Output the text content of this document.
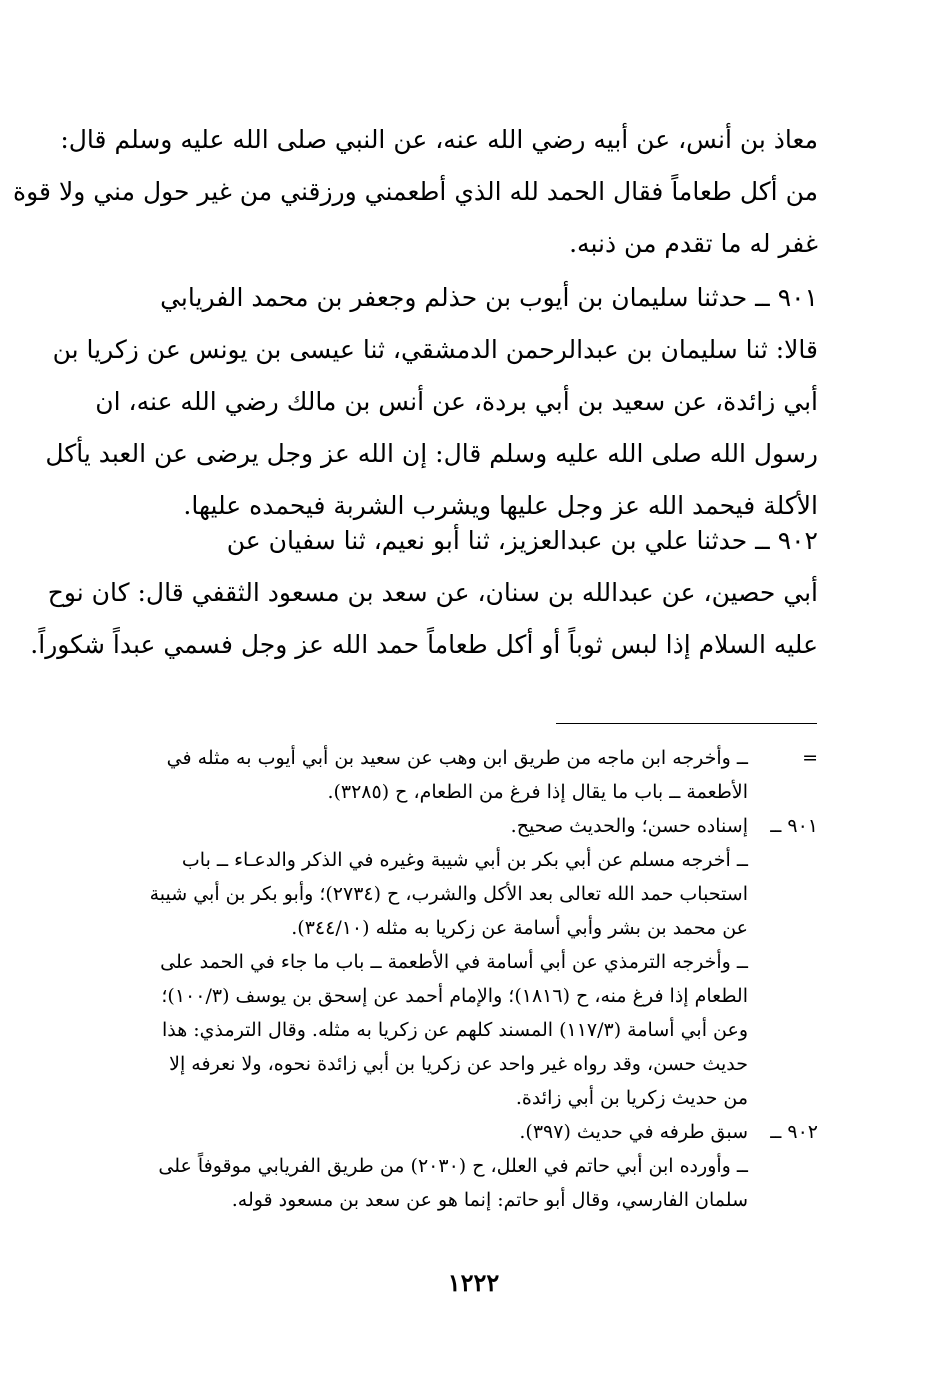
معاذ بن أنس، عن أبيه رضي الله عنه، عن النبي صلى الله عليه وسلم قال:
من أكل طعاماً فقال الحمد لله الذي أطعمني ورزقني من غير حول مني ولا قوة
غفر له ما تقدم من ذنبه.
٩٠١ ــ حدثنا سليمان بن أيوب بن حذلم وجعفر بن محمد الفريابي
قالا: ثنا سليمان بن عبدالرحمن الدمشقي، ثنا عيسى بن يونس عن زكريا بن
أبي زائدة، عن سعيد بن أبي بردة، عن أنس بن مالك رضي الله عنه، ان
رسول الله صلى الله عليه وسلم قال: إن الله عز وجل يرضى عن العبد يأكل
الأكلة فيحمد الله عز وجل عليها ويشرب الشربة فيحمده عليها.
٩٠٢ ــ حدثنا علي بن عبدالعزيز، ثنا أبو نعيم، ثنا سفيان عن
أبي حصين، عن عبدالله بن سنان، عن سعد بن مسعود الثقفي قال: كان نوح
عليه السلام إذا لبس ثوباً أو أكل طعاماً حمد الله عز وجل فسمي عبداً شكوراً.
=
ــ وأخرجه ابن ماجه من طريق ابن وهب عن سعيد بن أبي أيوب به مثله في
الأطعمة ــ باب ما يقال إذا فرغ من الطعام، ح (٣٢٨٥).
٩٠١ ــ
إسناده حسن؛ والحديث صحيح.
ــ أخرجه مسلم عن أبي بكر بن أبي شيبة وغيره في الذكر والدعـاء ــ باب
استحباب حمد الله تعالى بعد الأكل والشرب، ح (٢٧٣٤)؛ وأبو بكر بن أبي شيبة
عن محمد بن بشر وأبي أسامة عن زكريا به مثله (٣٤٤/١٠).
ــ وأخرجه الترمذي عن أبي أسامة في الأطعمة ــ باب ما جاء في الحمد على
الطعام إذا فرغ منه، ح (١٨١٦)؛ والإمام أحمد عن إسحق بن يوسف (١٠٠/٣)؛
وعن أبي أسامة (١١٧/٣) المسند كلهم عن زكريا به مثله. وقال الترمذي: هذا
حديث حسن، وقد رواه غير واحد عن زكريا بن أبي زائدة نحوه، ولا نعرفه إلا
من حديث زكريا بن أبي زائدة.
٩٠٢ ــ
سبق طرفه في حديث (٣٩٧).
ــ وأورده ابن أبي حاتم في العلل، ح (٢٠٣٠) من طريق الفريابي موقوفاً على
سلمان الفارسي، وقال أبو حاتم: إنما هو عن سعد بن مسعود قوله.
١٢٢٢
